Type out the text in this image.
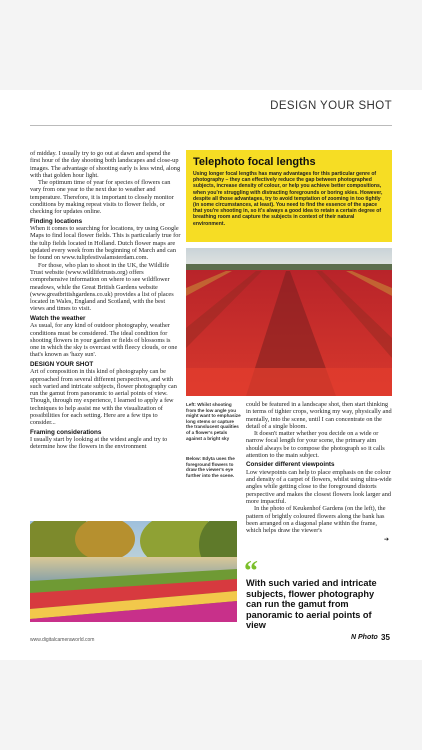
DESIGN YOUR SHOT

of midday. I usually try to go out at dawn and spend the first hour of the day shooting both landscapes and close-up images. The advantage of shooting early is less wind, along with that golden hour light.

The optimum time of year for species of flowers can vary from one year to the next due to weather and temperature. Therefore, it is important to closely monitor conditions by making repeat visits to flower fields, or checking for updates online.

Finding locations

When it comes to searching for locations, try using Google Maps to find local flower fields. This is particularly true for the tulip fields located in Holland. Dutch flower maps are updated every week from the beginning of March and can be found on www.tulipfestivalamsterdam.com.

For those, who plan to shoot in the UK, the Wildlife Trust website (www.wildlifetrusts.org) offers comprehensive information on where to see wildflower meadows, while the Great British Gardens website (www.greatbritishgardens.co.uk) provides a list of places located in Wales, England and Scotland, with the best views and times to visit.

Watch the weather

As usual, for any kind of outdoor photography, weather conditions must be considered. The ideal condition for shooting flowers in your garden or fields of blossoms is one in which the sky is overcast with fleecy clouds, or one that's known as 'hazy sun'.

DESIGN YOUR SHOT

Art of composition in this kind of photography can be approached from several different perspectives, and with such varied and intricate subjects, flower photography can run the gamut from panoramic to aerial points of view. Though, through my experience, I learned to apply a few techniques to help assist me with the visualization of possibilities for each setting. Here are a few tips to consider...

Framing considerations

I usually start by looking at the widest angle and try to determine how the flowers in the environment

Telephoto focal lengths
Using longer focal lengths has many advantages for this particular genre of photography – they can effectively reduce the gap between photographed subjects, increase density of colour, or help you achieve better compositions, when you're struggling with distracting foregrounds or boring skies. However, despite all those advantages, try to avoid temptation of zooming in too tightly (in some circumstances, at least). You need to find the essence of the space that you're shooting in, so it's always a good idea to retain a certain degree of breathing room and capture the subjects in context of their natural environment.
Left: Whilst shooting from the low angle you might want to emphasize long stems or capture the translucent qualities of a flower's petals against a bright sky
Below: Edyta uses the foreground flowers to draw the viewer's eye further into the scene.

could be featured in a landscape shot, then start thinking in terms of tighter crops, working my way, physically and mentally, into the scene, until I can concentrate on the detail of a single bloom.

It doesn't matter whether you decide on a wide or narrow focal length for your scene, the primary aim should always be to compose the photograph so it calls attention to the main subject.

Consider different viewpoints

Low viewpoints can help to place emphasis on the colour and density of a carpet of flowers, whilst using ultra-wide angles while getting close to the foreground distorts perspective and makes the closest flowers look larger and more impactful.

In the photo of Keukenhof Gardens (on the left), the pattern of brightly coloured flowers along the bank has been arranged on a diagonal plane within the frame, which helps draw the viewer's

➔
“
With such varied and intricate subjects, flower photography can run the gamut from panoramic to aerial points of view
www.digitalcameraworld.com	N Photo 35
